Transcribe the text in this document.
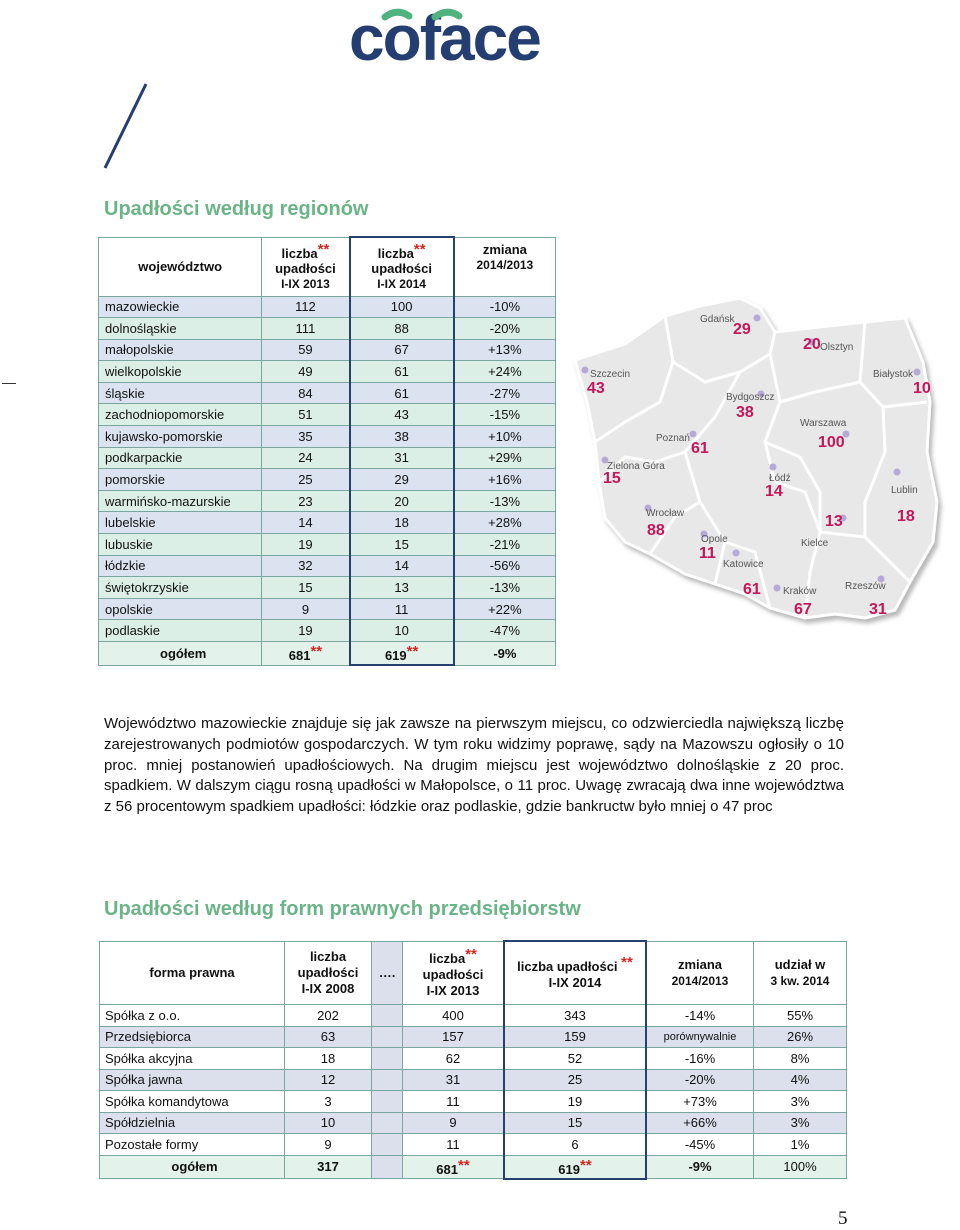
coface
Upadłości według regionów
województwo	liczba**
upadłości
I-IX 2013	liczba**
upadłości
I-IX 2014	zmiana
2014/2013
mazowieckie	112	100	-10%
dolnośląskie	111	88	-20%
małopolskie	59	67	+13%
wielkopolskie	49	61	+24%
śląskie	84	61	-27%
zachodniopomorskie	51	43	-15%
kujawsko-pomorskie	35	38	+10%
podkarpackie	24	31	+29%
pomorskie	25	29	+16%
warmińsko-mazurskie	23	20	-13%
lubelskie	14	18	+28%
lubuskie	19	15	-21%
łódzkie	32	14	-56%
świętokrzyskie	15	13	-13%
opolskie	9	11	+22%
podlaskie	19	10	-47%
ogółem	681**	619**	-9%
Gdańsk
29
Olsztyn
20
Szczecin
43
Białystok
10
Bydgoszcz
38
Poznań
61
Warszawa
100
Zielona Góra
15	Łódź
14	Lublin
18
Wrocław
88
Kielce
13
Opole
11
Katowice
61 Kraków
67
Rzeszów
31
Województwo mazowieckie znajduje się jak zawsze na pierwszym miejscu, co odzwierciedla największą liczbę zarejestrowanych podmiotów gospodarczych. W tym roku widzimy poprawę, sądy na Mazowszu ogłosiły o 10 proc. mniej postanowień upadłościowych. Na drugim miejscu jest województwo dolnośląskie z 20 proc. spadkiem. W dalszym ciągu rosną upadłości w Małopolsce, o 11 proc. Uwagę zwracają dwa inne województwa z 56 procentowym spadkiem upadłości: łódzkie oraz podlaskie, gdzie bankructw było mniej o 47 proc
Upadłości według form prawnych przedsiębiorstw
forma prawna	liczba
upadłości
I-IX 2008	….	liczba**
upadłości
I-IX 2013	liczba upadłości **
I-IX 2014	zmiana
2014/2013	udział w
3 kw. 2014
Spółka z o.o.	202		400	343	-14%	55%
Przedsiębiorca	63		157	159	porównywalnie	26%
Spółka akcyjna	18		62	52	-16%	8%
Spółka jawna	12		31	25	-20%	4%
Spółka komandytowa	3		11	19	+73%	3%
Spółdzielnia	10		9	15	+66%	3%
Pozostałe formy	9		11	6	-45%	1%
ogółem	317		681**	619**	-9%	100%
5
